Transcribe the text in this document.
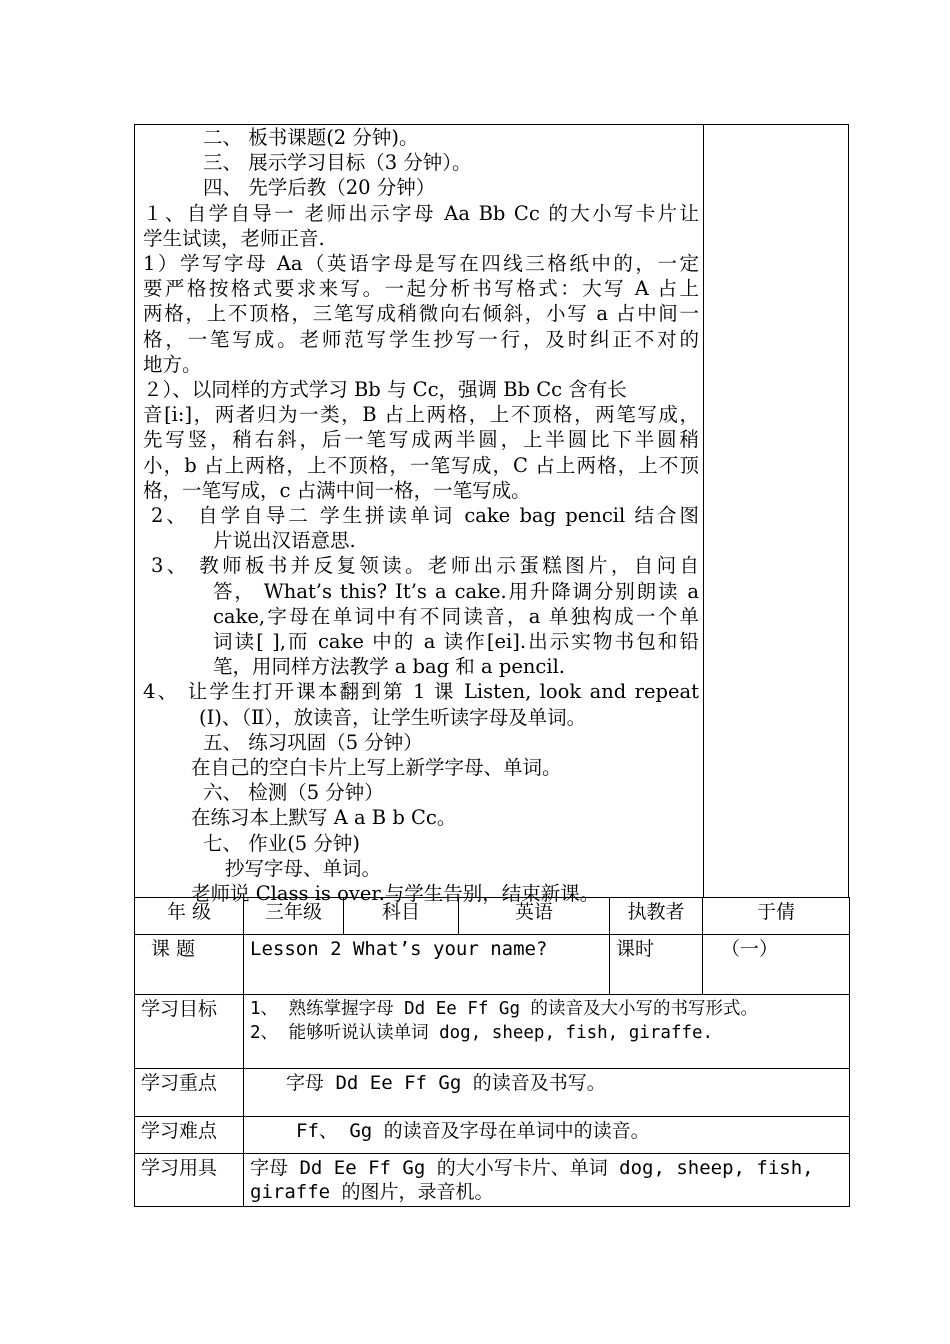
二、 板书课题(2 分钟)。

三、 展示学习目标（3 分钟）。

四、 先学后教（20 分钟）

１、自学自导一 老师出示字母 Aa Bb Cc 的大小写卡片让

学生试读，老师正音.

1）学写字母 Aa（英语字母是写在四线三格纸中的，一定

要严格按格式要求来写。一起分析书写格式：大写 A 占上

两格，上不顶格，三笔写成稍微向右倾斜，小写 a 占中间一

格，一笔写成。老师范写学生抄写一行，及时纠正不对的

地方。

２）、以同样的方式学习 Bb 与 Cc，强调 Bb Cc 含有长

音[i:]，两者归为一类，B 占上两格，上不顶格，两笔写成，

先写竖，稍右斜，后一笔写成两半圆，上半圆比下半圆稍

小，b 占上两格，上不顶格，一笔写成，C 占上两格，上不顶

格，一笔写成，c 占满中间一格，一笔写成。

2、 自学自导二 学生拼读单词 cake bag pencil 结合图

片说出汉语意思.

3、 教师板书并反复领读。老师出示蛋糕图片，自问自

答， What’s this? It’s a cake.用升降调分别朗读 a

cake,字母在单词中有不同读音，a 单独构成一个单

词读[ ],而 cake 中的 a 读作[ei].出示实物书包和铅

笔，用同样方法教学 a bag 和 a pencil.

4、 让学生打开课本翻到第 1 课 Listen, look and repeat

(Ⅰ)、（Ⅱ），放读音，让学生听读字母及单词。

五、 练习巩固（5 分钟）

在自己的空白卡片上写上新学字母、单词。

六、 检测（5 分钟）

在练习本上默写 A a B b Cc。

七、 作业(5 分钟)

抄写字母、单词。

老师说 Class is over.与学生告别，结束新课。

年 级	三年级	科目	英语	执教者	于倩
课 题	Lesson 2 What’s your name?			课时	（一）
学习目标	1、 熟练掌握字母 Dd Ee Ff Gg 的读音及大小写的书写形式。
2、 能够听说认读单词 dog, sheep, fish, giraffe.				

学习重点	字母 Dd Ee Ff Gg 的读音及书写。				
学习难点	Ff、 Gg 的读音及字母在单词中的读音。				
学习用具	字母 Dd Ee Ff Gg 的大小写卡片、单词 dog, sheep, fish, giraffe 的图片，录音机。				
